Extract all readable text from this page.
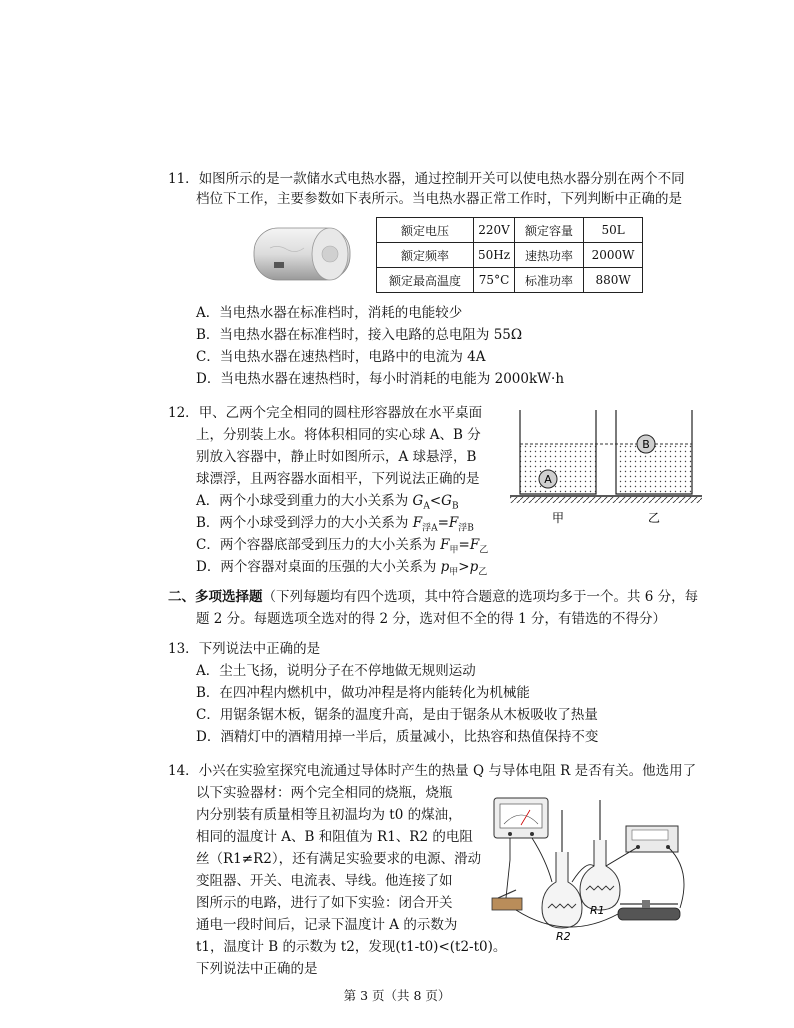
11．如图所示的是一款储水式电热水器，通过控制开关可以使电热水器分别在两个不同
档位下工作，主要参数如下表所示。当电热水器正常工作时，下列判断中正确的是
额定电压	220V	额定容量	50L
额定频率	50Hz	速热功率	2000W
额定最高温度	75°C	标准功率	880W
A．当电热水器在标准档时，消耗的电能较少
B．当电热水器在标准档时，接入电路的总电阻为 55Ω
C．当电热水器在速热档时，电路中的电流为 4A
D．当电热水器在速热档时，每小时消耗的电能为 2000kW·h
12．甲、乙两个完全相同的圆柱形容器放在水平桌面
上，分别装上水。将体积相同的实心球 A、B 分
别放入容器中，静止时如图所示，A 球悬浮，B
球漂浮，且两容器水面相平，下列说法正确的是
A．两个小球受到重力的大小关系为 $G_A<G_B$
B．两个小球受到浮力的大小关系为 $F_{浮A}=F_{浮B}$
C．两个容器底部受到压力的大小关系为 $F_甲=F_乙$
D．两个容器对桌面的压强的大小关系为 $p_甲>p_乙$
A
B
甲	乙
二、多项选择题（下列每题均有四个选项，其中符合题意的选项均多于一个。共 6 分，每
题 2 分。每题选项全选对的得 2 分，选对但不全的得 1 分，有错选的不得分）
13．下列说法中正确的是
A．尘土飞扬，说明分子在不停地做无规则运动
B．在四冲程内燃机中，做功冲程是将内能转化为机械能
C．用锯条锯木板，锯条的温度升高，是由于锯条从木板吸收了热量
D．酒精灯中的酒精用掉一半后，质量减小，比热容和热值保持不变
14．小兴在实验室探究电流通过导体时产生的热量 Q 与导体电阻 R 是否有关。他选用了
以下实验器材：两个完全相同的烧瓶，烧瓶
内分别装有质量相等且初温均为 t0 的煤油，
相同的温度计 A、B 和阻值为 R1、R2 的电阻
丝（R1≠R2），还有满足实验要求的电源、滑动
变阻器、开关、电流表、导线。他连接了如
图所示的电路，进行了如下实验：闭合开关
通电一段时间后，记录下温度计 A 的示数为
t1，温度计 B 的示数为 t2，发现(t1-t0)<(t2-t0)。
下列说法中正确的是
R2
R1
第 3 页（共 8 页）
